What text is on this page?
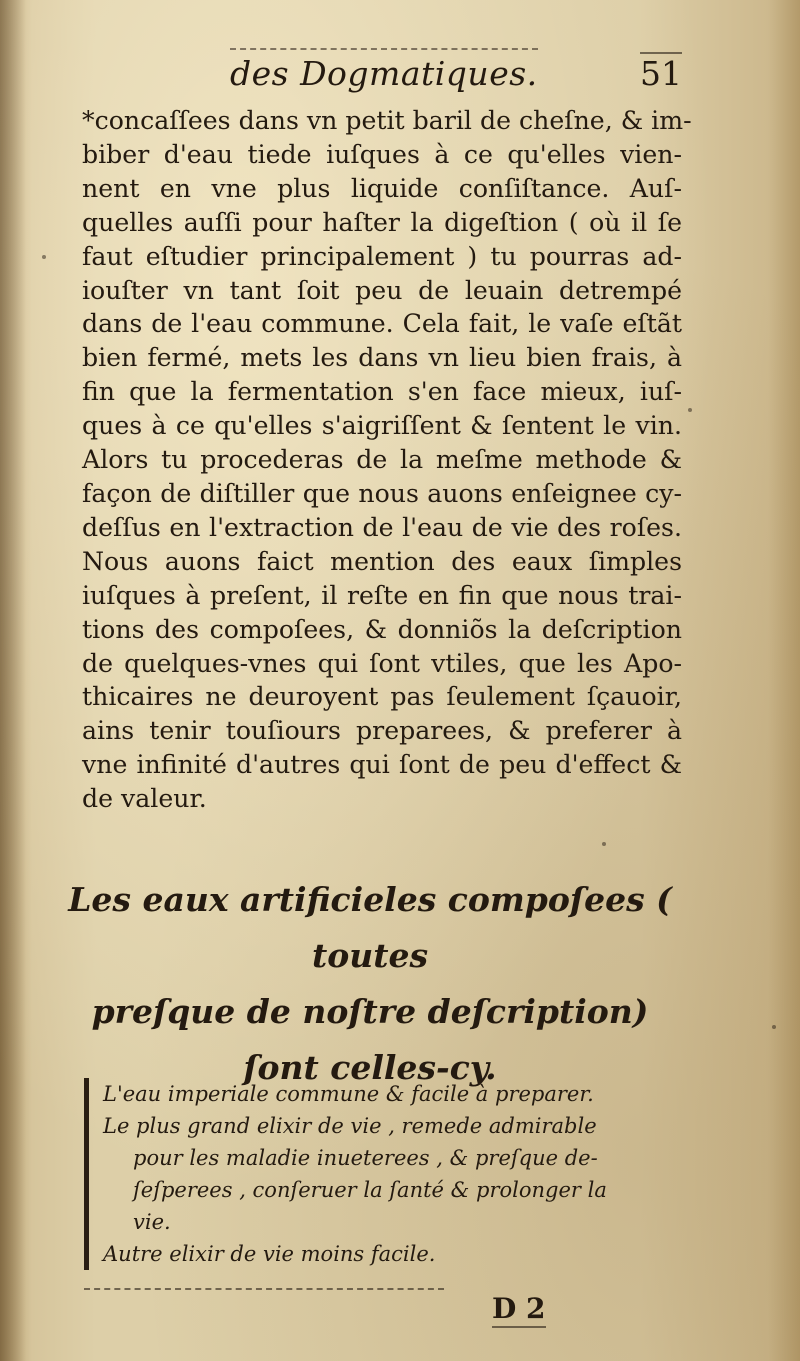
des Dogmatiques.	51

*concaſſees dans vn petit baril de cheſne, & im-
biber d'eau tiede iuſques à ce qu'elles vien-
nent en vne plus liquide conſiſtance. Auſ-
quelles auſſi pour haſter la digeſtion ( où il ſe
faut eſtudier principalement ) tu pourras ad-
iouſter vn tant ſoit peu de leuain detrempé
dans de l'eau commune. Cela fait, le vaſe eſtãt
bien fermé, mets les dans vn lieu bien frais, à
fin que la fermentation s'en face mieux, iuſ-
ques à ce qu'elles s'aigriſſent & ſentent le vin.
Alors tu procederas de la meſme methode &
façon de diſtiller que nous auons enſeignee cy-
deſſus en l'extraction de l'eau de vie des roſes.
Nous auons faict mention des eaux ſimples
iuſques à preſent, il reſte en fin que nous trai-
tions des compoſees, & donniõs la deſcription
de quelques-vnes qui ſont vtiles, que les Apo-
thicaires ne deuroyent pas ſeulement ſçauoir,
ains tenir touſiours preparees, & preferer à
vne infinité d'autres qui ſont de peu d'effect &
de valeur.

Les eaux artificieles compoſees ( toutes
preſque de noſtre deſcription)
ſont celles-cy.
L'eau imperiale commune & facile à preparer.
Le plus grand elixir de vie , remede admirable
pour les maladie inueterees , & preſque de-
ſeſperees , conſeruer la ſanté & prolonger la
vie.
Autre elixir de vie moins facile.
D 2
